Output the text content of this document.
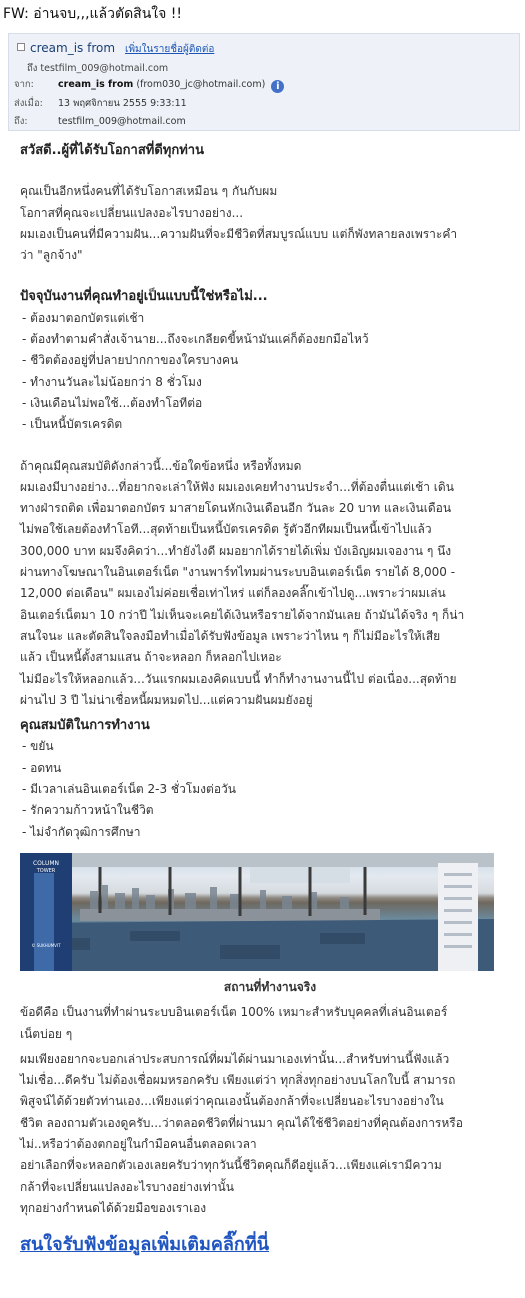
FW: อ่านจบ,,,แล้วตัดสินใจ !!
cream_is from เพิ่มในรายชื่อผู้ติดต่อ
ถึง testfilm_009@hotmail.com
จาก:	cream_is from (from030_jc@hotmail.com) i
ส่งเมื่อ: 13 พฤศจิกายน 2555 9:33:11
ถึง:	testfilm_009@hotmail.com

สวัสดี..ผู้ที่ได้รับโอกาสที่ดีทุกท่าน

คุณเป็นอีกหนึ่งคนที่ได้รับโอกาสเหมือน ๆ กันกับผม

โอกาสที่คุณจะเปลี่ยนแปลงอะไรบางอย่าง...

ผมเองเป็นคนที่มีความฝัน...ความฝันที่จะมีชีวิตที่สมบูรณ์แบบ แต่ก็พังทลายลงเพราะคำ

ว่า "ลูกจ้าง"

ปัจจุบันงานที่คุณทำอยู่เป็นแบบนี้ใช่หรือไม่...

- ต้องมาตอกบัตรแต่เช้า

- ต้องทำตามคำสั่งเจ้านาย...ถึงจะเกลียดขี้หน้ามันแค่ก็ต้องยกมือไหว้

- ชีวิตต้องอยู่ที่ปลายปากกาของใครบางคน

- ทำงานวันละไม่น้อยกว่า 8 ชั่วโมง

- เงินเดือนไม่พอใช้...ต้องทำโอทีต่อ

- เป็นหนี้บัตรเครดิต

ถ้าคุณมีคุณสมบัติดังกล่าวนี้...ข้อใดข้อหนึ่ง หรือทั้งหมด

ผมเองมีบางอย่าง...ที่อยากจะเล่าให้ฟัง ผมเองเคยทำงานประจำ...ที่ต้องตื่นแต่เช้า เดิน

ทางฝ่ารถติด เพื่อมาตอกบัตร มาสายโดนหักเงินเดือนอีก วันละ 20 บาท และเงินเดือน

ไม่พอใช้เลยต้องทำโอที...สุดท้ายเป็นหนี้บัตรเครดิต รู้ตัวอีกทีผมเป็นหนี้เข้าไปแล้ว

300,000 บาท ผมจึงคิดว่า...ทำยังไงดี ผมอยากได้รายได้เพิ่ม บังเอิญผมเจองาน ๆ นึง

ผ่านทางโฆษณาในอินเตอร์เน็ต "งานพาร์ทไทมผ่านระบบอินเตอร์เน็ต รายได้ 8,000 -

12,000 ต่อเดือน" ผมเองไม่ค่อยเชื่อเท่าไหร่ แต่ก็ลองคลิ๊กเข้าไปดู...เพราะว่าผมเล่น

อินเตอร์เน็ตมา 10 กว่าปี ไม่เห็นจะเคยได้เงินหรือรายได้จากมันเลย ถ้ามันได้จริง ๆ ก็น่า

สนใจนะ และตัดสินใจลงมือทำเมื่อได้รับฟังข้อมูล เพราะว่าไหน ๆ ก็ไม่มีอะไรให้เสีย

แล้ว เป็นหนี้ตั้งสามแสน ถ้าจะหลอก ก็หลอกไปเหอะ

ไม่มีอะไรให้หลอกแล้ว...วันแรกผมเองคิดแบบนี้ ทำก็ทำงานงานนี้ไป ต่อเนื่อง...สุดท้าย

ผ่านไป 3 ปี ไม่น่าเชื่อหนี้ผมหมดไป...แต่ความฝันผมยังอยู่

คุณสมบัติในการทำงาน

- ขยัน

- อดทน

- มีเวลาเล่นอินเตอร์เน็ต 2-3 ชั่วโมงต่อวัน

- รักความก้าวหน้าในชีวิต

- ไม่จำกัดวุฒิการศึกษา

COLUMN
TOWER
© SUKHUMVIT
สถานที่ทำงานจริง

ข้อดีคือ เป็นงานที่ทำผ่านระบบอินเตอร์เน็ต 100% เหมาะสำหรับบุคคลที่เล่นอินเตอร์

เน็ตบ่อย ๆ

ผมเพียงอยากจะบอกเล่าประสบการณ์ที่ผมได้ผ่านมาเองเท่านั้น...สำหรับท่านนี้ฟังแล้ว

ไม่เชื่อ...ดีครับ ไม่ต้องเชื่อผมหรอกครับ เพียงแต่ว่า ทุกสิ่งทุกอย่างบนโลกใบนี้ สามารถ

พิสูจน์ได้ด้วยตัวท่านเอง...เพียงแต่ว่าคุณเองนั้นต้องกล้าที่จะเปลี่ยนอะไรบางอย่างใน

ชีวิต ลองถามตัวเองดูครับ...ว่าตลอดชีวิตที่ผ่านมา คุณได้ใช้ชีวิตอย่างที่คุณต้องการหรือ

ไม่..หรือว่าต้องตกอยู่ในกำมือคนอื่นตลอดเวลา

อย่าเลือกที่จะหลอกตัวเองเลยครับว่าทุกวันนี้ชีวิตคุณก็ดีอยู่แล้ว...เพียงแค่เรามีความ

กล้าที่จะเปลี่ยนแปลงอะไรบางอย่างเท่านั้น

ทุกอย่างกำหนดได้ด้วยมือของเราเอง

สนใจรับฟังข้อมูลเพิ่มเติมคลิ๊กที่นี่
